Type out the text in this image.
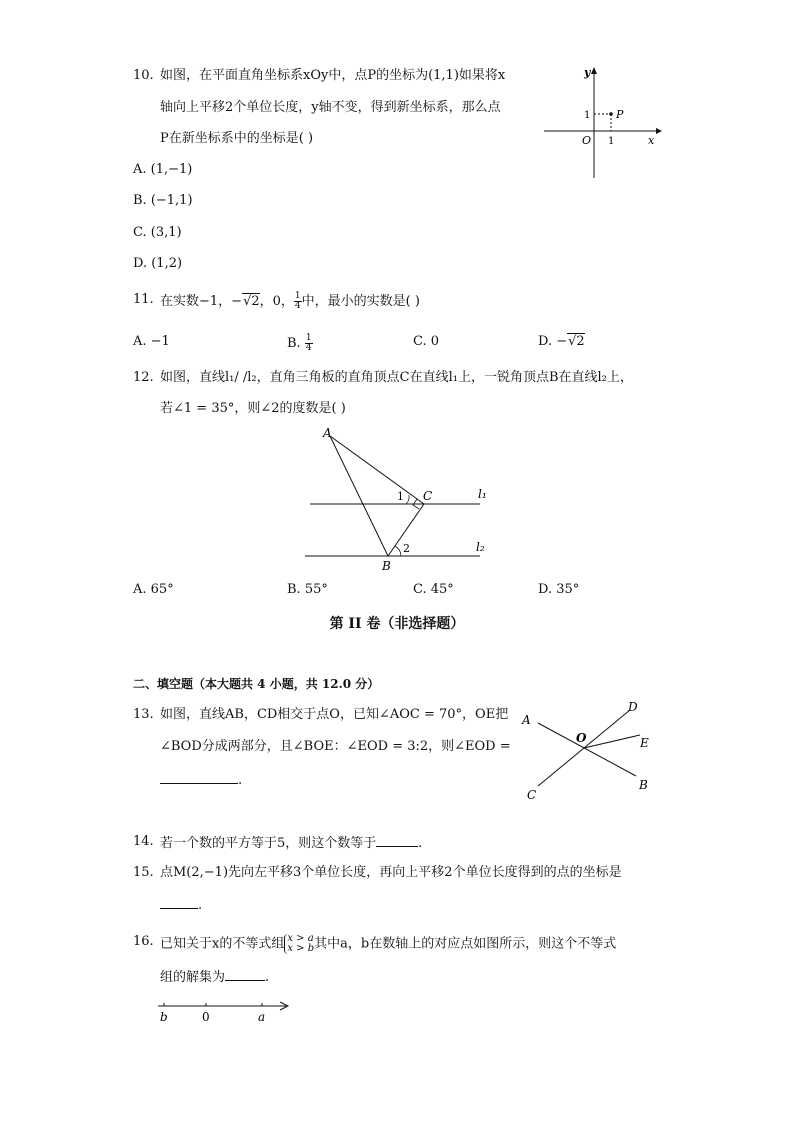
10. 如图，在平面直角坐标系xOy中，点P的坐标为(1,1)如果将x
轴向上平移2个单位长度，y轴不变，得到新坐标系，那么点
P在新坐标系中的坐标是( )
A. (1,−1)
B. (−1,1)
C. (3,1)
D. (1,2)
y
x
O
1
1
P
11. 在实数−1，−√2，0， $\frac{1}{4}$ 中，最小的实数是( )
A. −1	B. $\frac{1}{4}$	C. 0	D. −√2
12. 如图，直线l₁/ /l₂，直角三角板的直角顶点C在直线l₁上，一锐角顶点B在直线l₂上，
若∠1 = 35°，则∠2的度数是( )
A
B
C	l₁
l₂
1
2
A. 65°	B. 55°	C. 45°	D. 35°
第 II 卷（非选择题）
二、填空题（本大题共 4 小题，共 12.0 分）
13. 如图，直线AB，CD相交于点O，已知∠AOC = 70°，OE把
∠BOD分成两部分，且∠BOE：∠EOD = 3:2，则∠EOD =
.
A
B
C
D
E
O
14. 若一个数的平方等于5，则这个数等于	.
15. 点M(2,−1)先向左平移3个单位长度，再向上平移2个单位长度得到的点的坐标是
.
16. 已知关于x的不等式组 x > a
x > b 其中a，b在数轴上的对应点如图所示，则这个不等式
组的解集为	.
b	0	a
